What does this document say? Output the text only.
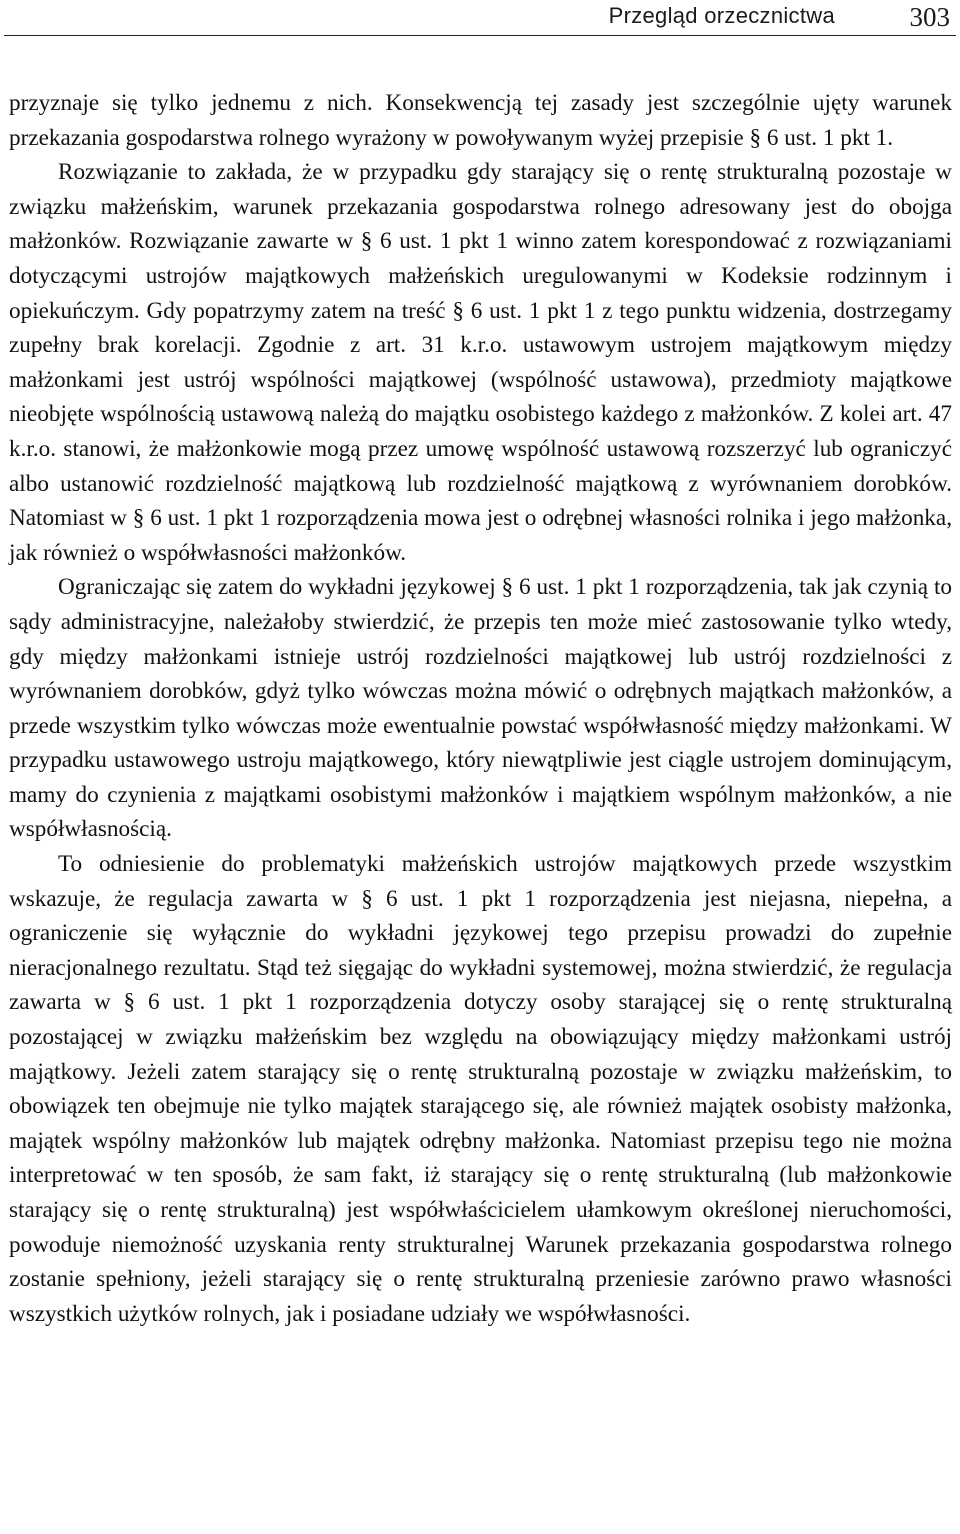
Przegląd orzecznictwa	303

przyznaje się tylko jednemu z nich. Konsekwencją tej zasady jest szczególnie ujęty warunek przekazania gospodarstwa rolnego wyrażony w powoływanym wyżej przepisie § 6 ust. 1 pkt 1.

Rozwiązanie to zakłada, że w przypadku gdy starający się o rentę strukturalną pozostaje w związku małżeńskim, warunek przekazania gospodarstwa rolnego adresowany jest do obojga małżonków. Rozwiązanie zawarte w § 6 ust. 1 pkt 1 winno zatem korespondować z rozwiązaniami dotyczącymi ustrojów majątkowych małżeńskich uregulowanymi w Kodeksie rodzinnym i opiekuńczym. Gdy popatrzymy zatem na treść § 6 ust. 1 pkt 1 z tego punktu widzenia, dostrzegamy zupełny brak korelacji. Zgodnie z art. 31 k.r.o. ustawowym ustrojem majątkowym między małżonkami jest ustrój wspólności majątkowej (wspólność ustawowa), przedmioty majątkowe nieobjęte wspólnością ustawową należą do majątku osobistego każdego z małżonków. Z kolei art. 47 k.r.o. stanowi, że małżonkowie mogą przez umowę wspólność ustawową rozszerzyć lub ograniczyć albo ustanowić rozdzielność majątkową lub rozdzielność majątkową z wyrównaniem dorobków. Natomiast w § 6 ust. 1 pkt 1 rozporządzenia mowa jest o odrębnej własności rolnika i jego małżonka, jak również o współwłasności małżonków.

Ograniczając się zatem do wykładni językowej § 6 ust. 1 pkt 1 rozporządzenia, tak jak czynią to sądy administracyjne, należałoby stwierdzić, że przepis ten może mieć zastosowanie tylko wtedy, gdy między małżonkami istnieje ustrój rozdzielności majątkowej lub ustrój rozdzielności z wyrównaniem dorobków, gdyż tylko wówczas można mówić o odrębnych majątkach małżonków, a przede wszystkim tylko wówczas może ewentualnie powstać współwłasność między małżonkami. W przypadku ustawowego ustroju majątkowego, który niewątpliwie jest ciągle ustrojem dominującym, mamy do czynienia z majątkami osobistymi małżonków i majątkiem wspólnym małżonków, a nie współwłasnością.

To odniesienie do problematyki małżeńskich ustrojów majątkowych przede wszystkim wskazuje, że regulacja zawarta w § 6 ust. 1 pkt 1 rozporządzenia jest niejasna, niepełna, a ograniczenie się wyłącznie do wykładni językowej tego przepisu prowadzi do zupełnie nieracjonalnego rezultatu. Stąd też sięgając do wykładni systemowej, można stwierdzić, że regulacja zawarta w § 6 ust. 1 pkt 1 rozporządzenia dotyczy osoby starającej się o rentę strukturalną pozostającej w związku małżeńskim bez względu na obowiązujący między małżonkami ustrój majątkowy. Jeżeli zatem starający się o rentę strukturalną pozostaje w związku małżeńskim, to obowiązek ten obejmuje nie tylko majątek starającego się, ale również majątek osobisty małżonka, majątek wspólny małżonków lub majątek odrębny małżonka. Natomiast przepisu tego nie można interpretować w ten sposób, że sam fakt, iż starający się o rentę strukturalną (lub małżonkowie starający się o rentę strukturalną) jest współwłaścicielem ułamkowym określonej nieruchomości, powoduje niemożność uzyskania renty strukturalnej Warunek przekazania gospodarstwa rolnego zostanie spełniony, jeżeli starający się o rentę strukturalną przeniesie zarówno prawo własności wszystkich użytków rolnych, jak i posiadane udziały we współwłasności.
